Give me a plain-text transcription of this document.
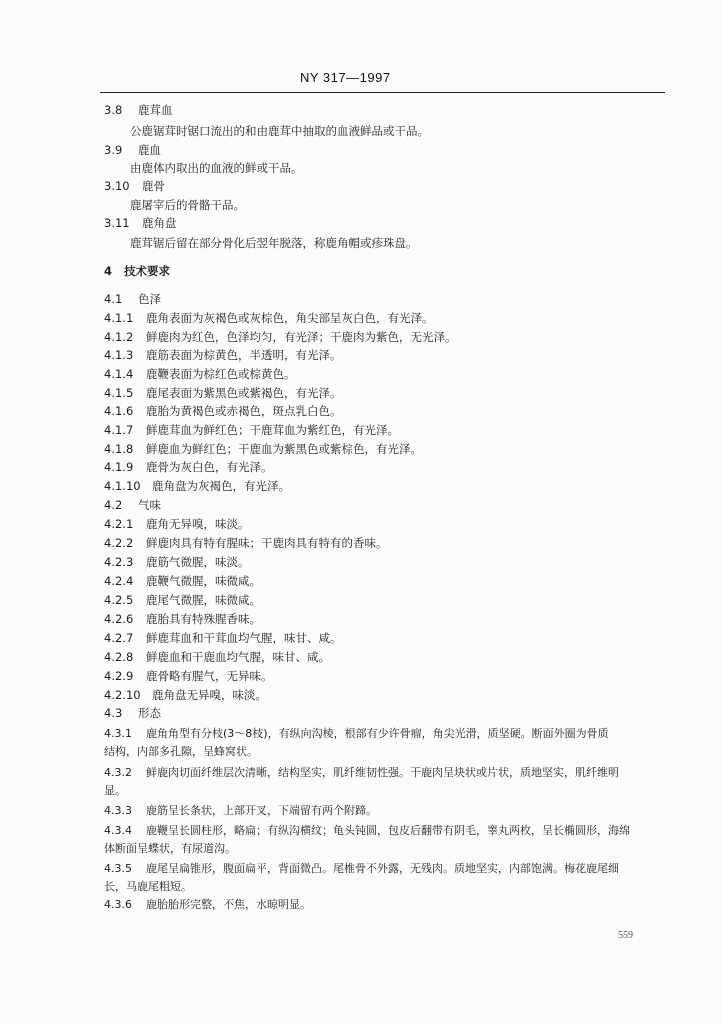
NY 317—1997
3.8 鹿茸血
公鹿锯茸时锯口流出的和由鹿茸中抽取的血液鲜品或干品。
3.9 鹿血
由鹿体内取出的血液的鲜或干品。
3.10 鹿骨
鹿屠宰后的骨骼干品。
3.11 鹿角盘
鹿茸锯后留在部分骨化后翌年脱落，称鹿角帽或疹珠盘。
4 技术要求
4.1 色泽
4.1.1 鹿角表面为灰褐色或灰棕色，角尖部呈灰白色，有光泽。
4.1.2 鲜鹿肉为红色，色泽均匀，有光泽；干鹿肉为紫色，无光泽。
4.1.3 鹿筋表面为棕黄色，半透明，有光泽。
4.1.4 鹿鞭表面为棕红色或棕黄色。
4.1.5 鹿尾表面为紫黑色或紫褐色，有光泽。
4.1.6 鹿胎为黄褐色或赤褐色，斑点乳白色。
4.1.7 鲜鹿茸血为鲜红色；干鹿茸血为紫红色，有光泽。
4.1.8 鲜鹿血为鲜红色；干鹿血为紫黑色或紫棕色，有光泽。
4.1.9 鹿骨为灰白色，有光泽。
4.1.10 鹿角盘为灰褐色，有光泽。
4.2 气味
4.2.1 鹿角无异嗅，味淡。
4.2.2 鲜鹿肉具有特有腥味；干鹿肉具有特有的香味。
4.2.3 鹿筋气微腥，味淡。
4.2.4 鹿鞭气微腥，味微咸。
4.2.5 鹿尾气微腥，味微咸。
4.2.6 鹿胎具有特殊腥香味。
4.2.7 鲜鹿茸血和干茸血均气腥，味甘、咸。
4.2.8 鲜鹿血和干鹿血均气腥，味甘、咸。
4.2.9 鹿骨略有腥气，无异味。
4.2.10 鹿角盘无异嗅，味淡。
4.3 形态
4.3.1 鹿角角型有分枝(3～8枝)，有纵向沟棱，根部有少许骨瘤，角尖光滑，质坚硬。断面外圈为骨质
结构，内部多孔隙，呈蜂窝状。
4.3.2 鲜鹿肉切面纤维层次清晰，结构坚实，肌纤维韧性强。干鹿肉呈块状或片状，质地坚实，肌纤维明
显。
4.3.3 鹿筋呈长条状，上部开叉，下端留有两个附蹄。
4.3.4 鹿鞭呈长圆柱形，略扁；有纵沟横纹；龟头钝圆，包皮后翻带有阴毛，睾丸两枚，呈长椭圆形，海绵
体断面呈蝶状，有尿道沟。
4.3.5 鹿尾呈扁锥形，腹面扁平，背面微凸。尾椎骨不外露，无残肉。质地坚实，内部饱满。梅花鹿尾细
长，马鹿尾粗短。
4.3.6 鹿胎胎形完整，不焦，水晾明显。
559
